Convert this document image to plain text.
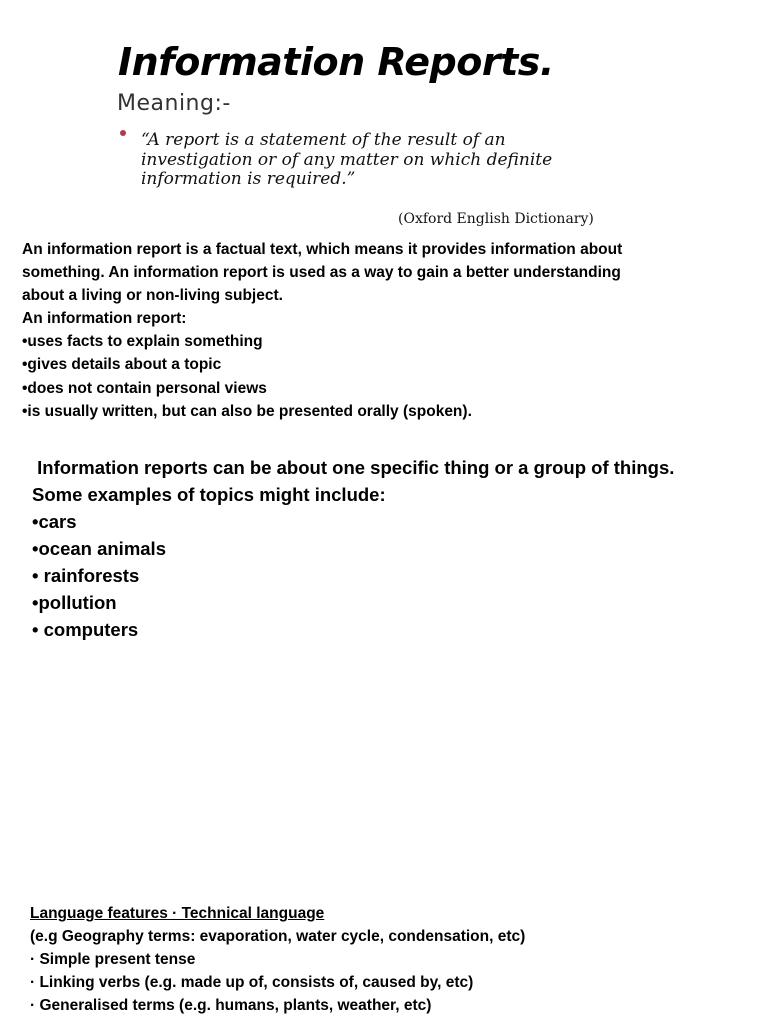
Information Reports.
Meaning:-
“A report is a statement of the result of an
investigation or of any matter on which definite
information is required.”
(Oxford English Dictionary)
An information report is a factual text, which means it provides information about
something. An information report is used as a way to gain a better understanding
about a living or non-living subject.
An information report:
•uses facts to explain something
•gives details about a topic
•does not contain personal views
•is usually written, but can also be presented orally (spoken).
Information reports can be about one specific thing or a group of things.
Some examples of topics might include:
•cars
•ocean animals
• rainforests
•pollution
• computers
Language features · Technical language
(e.g Geography terms: evaporation, water cycle, condensation, etc)
· Simple present tense
· Linking verbs (e.g. made up of, consists of, caused by, etc)
· Generalised terms (e.g. humans, plants, weather, etc)
